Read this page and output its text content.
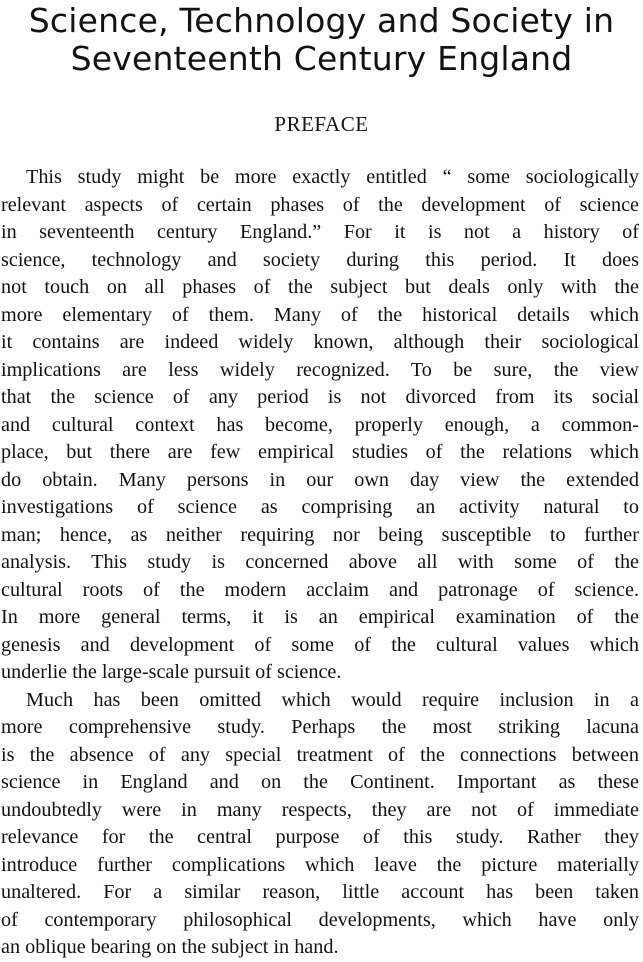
Science, Technology and Society in
Seventeenth Century England
PREFACE
This study might be more exactly entitled “ some sociologically
relevant aspects of certain phases of the development of science
in seventeenth century England.” For it is not a history of
science, technology and society during this period. It does
not touch on all phases of the subject but deals only with the
more elementary of them. Many of the historical details which
it contains are indeed widely known, although their sociological
implications are less widely recognized. To be sure, the view
that the science of any period is not divorced from its social
and cultural context has become, properly enough, a common-
place, but there are few empirical studies of the relations which
do obtain. Many persons in our own day view the extended
investigations of science as comprising an activity natural to
man; hence, as neither requiring nor being susceptible to further
analysis. This study is concerned above all with some of the
cultural roots of the modern acclaim and patronage of science.
In more general terms, it is an empirical examination of the
genesis and development of some of the cultural values which
underlie the large-scale pursuit of science.
Much has been omitted which would require inclusion in a
more comprehensive study. Perhaps the most striking lacuna
is the absence of any special treatment of the connections between
science in England and on the Continent. Important as these
undoubtedly were in many respects, they are not of immediate
relevance for the central purpose of this study. Rather they
introduce further complications which leave the picture materially
unaltered. For a similar reason, little account has been taken
of contemporary philosophical developments, which have only
an oblique bearing on the subject in hand.
